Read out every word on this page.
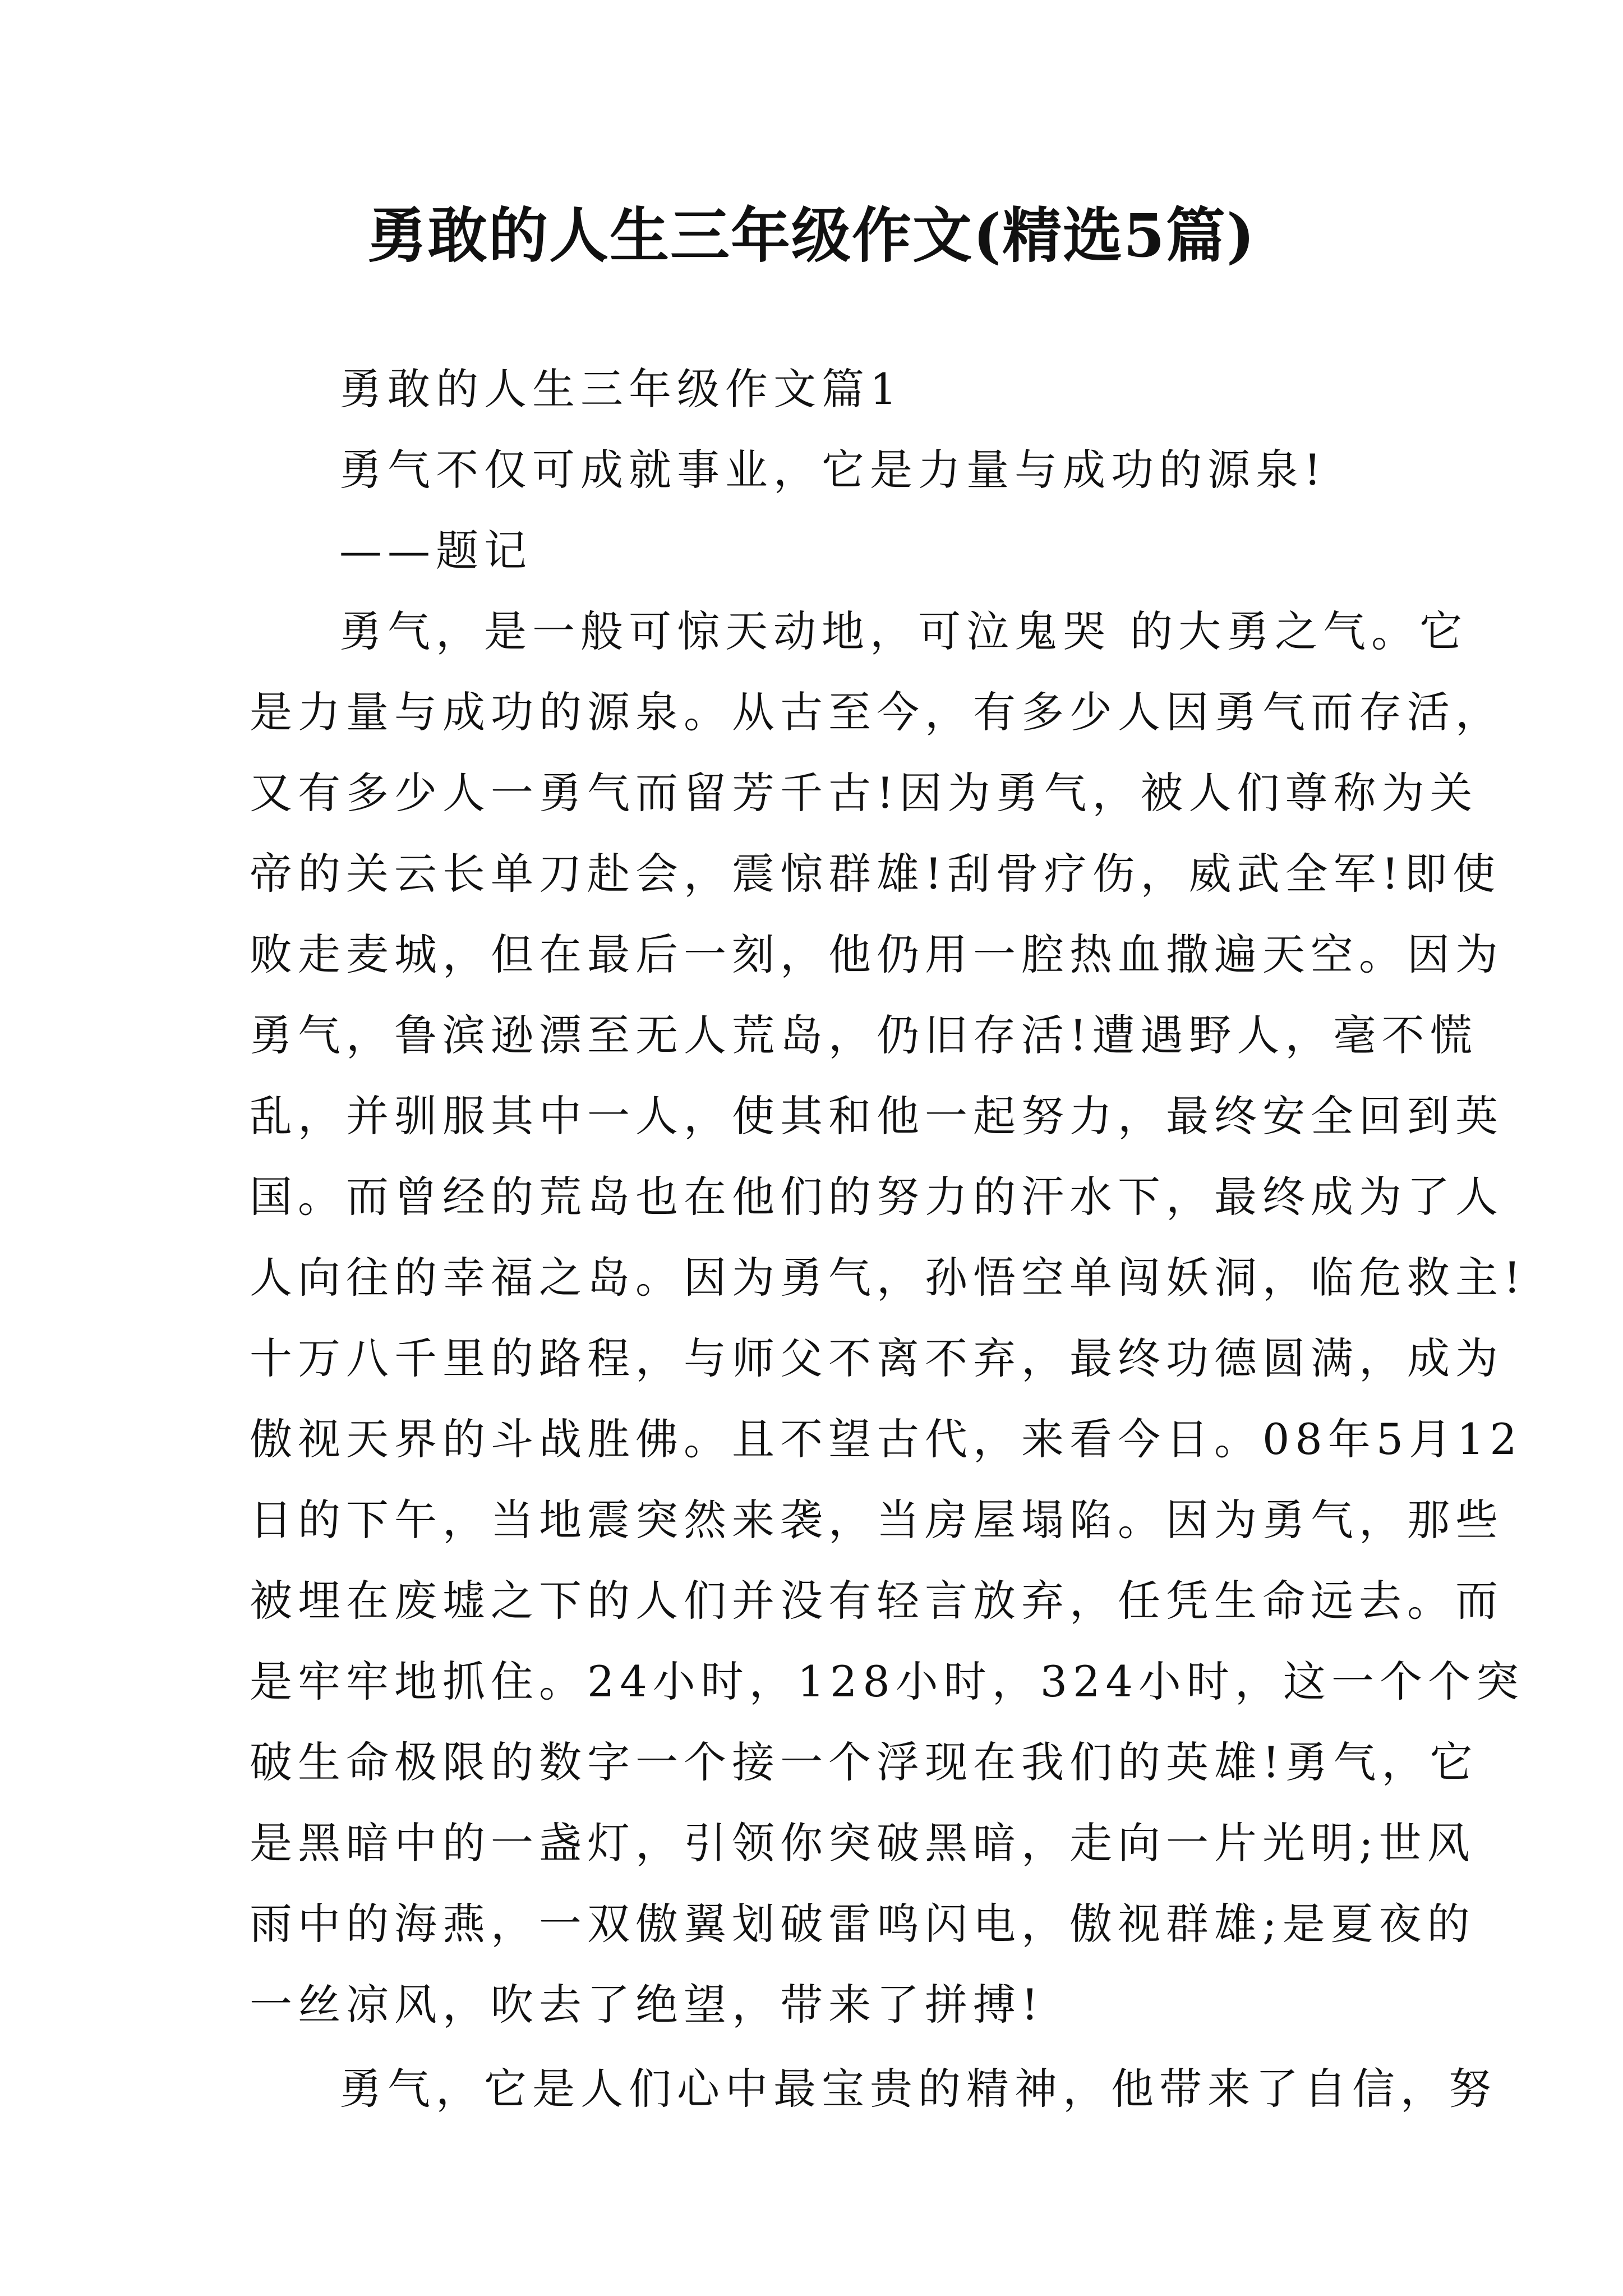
勇敢的人生三年级作文(精选5篇)
勇敢的人生三年级作文篇1
勇气不仅可成就事业，它是力量与成功的源泉!
——题记
勇气，是一般可惊天动地，可泣鬼哭 的大勇之气。它
是力量与成功的源泉。从古至今，有多少人因勇气而存活，
又有多少人一勇气而留芳千古!因为勇气，被人们尊称为关
帝的关云长单刀赴会，震惊群雄!刮骨疗伤，威武全军!即使
败走麦城，但在最后一刻，他仍用一腔热血撒遍天空。因为
勇气，鲁滨逊漂至无人荒岛，仍旧存活!遭遇野人，毫不慌
乱，并驯服其中一人，使其和他一起努力，最终安全回到英
国。而曾经的荒岛也在他们的努力的汗水下，最终成为了人
人向往的幸福之岛。因为勇气，孙悟空单闯妖洞，临危救主!
十万八千里的路程，与师父不离不弃，最终功德圆满，成为
傲视天界的斗战胜佛。且不望古代，来看今日。08年5月12
日的下午，当地震突然来袭，当房屋塌陷。因为勇气，那些
被埋在废墟之下的人们并没有轻言放弃，任凭生命远去。而
是牢牢地抓住。24小时，128小时，324小时，这一个个突
破生命极限的数字一个接一个浮现在我们的英雄!勇气，它
是黑暗中的一盏灯，引领你突破黑暗，走向一片光明;世风
雨中的海燕，一双傲翼划破雷鸣闪电，傲视群雄;是夏夜的
一丝凉风，吹去了绝望，带来了拼搏!
勇气，它是人们心中最宝贵的精神，他带来了自信，努
